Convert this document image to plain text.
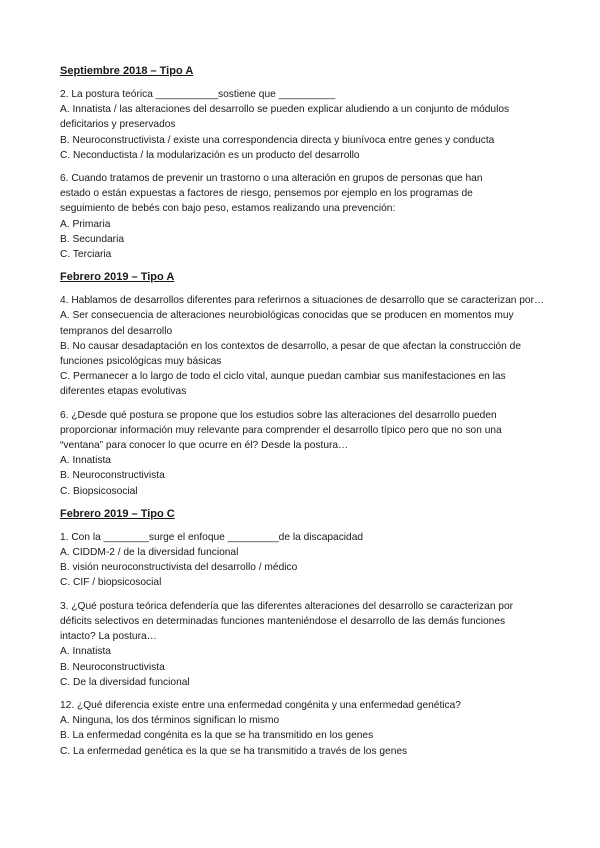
Septiembre 2018 – Tipo A
2. La postura teórica ___________sostiene que __________
A. Innatista / las alteraciones del desarrollo se pueden explicar aludiendo a un conjunto de módulos
deficitarios y preservados
B. Neuroconstructivista / existe una correspondencia directa y biunívoca entre genes y conducta
C. Neconductista / la modularización es un producto del desarrollo
6. Cuando tratamos de prevenir un trastorno o una alteración en grupos de personas que han
estado o están expuestas a factores de riesgo, pensemos por ejemplo en los programas de
seguimiento de bebés con bajo peso, estamos realizando una prevención:
A. Primaria
B. Secundaria
C. Terciaria
Febrero 2019 – Tipo A
4. Hablamos de desarrollos diferentes para referirnos a situaciones de desarrollo que se caracterizan por…
A. Ser consecuencia de alteraciones neurobiológicas conocidas que se producen en momentos muy
tempranos del desarrollo
B. No causar desadaptación en los contextos de desarrollo, a pesar de que afectan la construcción de
funciones psicológicas muy básicas
C. Permanecer a lo largo de todo el ciclo vital, aunque puedan cambiar sus manifestaciones en las
diferentes etapas evolutivas
6. ¿Desde qué postura se propone que los estudios sobre las alteraciones del desarrollo pueden
proporcionar información muy relevante para comprender el desarrollo típico pero que no son una
“ventana” para conocer lo que ocurre en él? Desde la postura…
A. Innatista
B. Neuroconstructivista
C. Biopsicosocial
Febrero 2019 – Tipo C
1. Con la ________surge el enfoque _________de la discapacidad
A. CIDDM-2 / de la diversidad funcional
B. visión neuroconstructivista del desarrollo / médico
C. CIF / biopsicosocial
3. ¿Qué postura teórica defendería que las diferentes alteraciones del desarrollo se caracterizan por
déficits selectivos en determinadas funciones manteniéndose el desarrollo de las demás funciones
intacto? La postura…
A. Innatista
B. Neuroconstructivista
C. De la diversidad funcional
12. ¿Qué diferencia existe entre una enfermedad congénita y una enfermedad genética?
A. Ninguna, los dos términos significan lo mismo
B. La enfermedad congénita es la que se ha transmitido en los genes
C. La enfermedad genética es la que se ha transmitido a través de los genes
